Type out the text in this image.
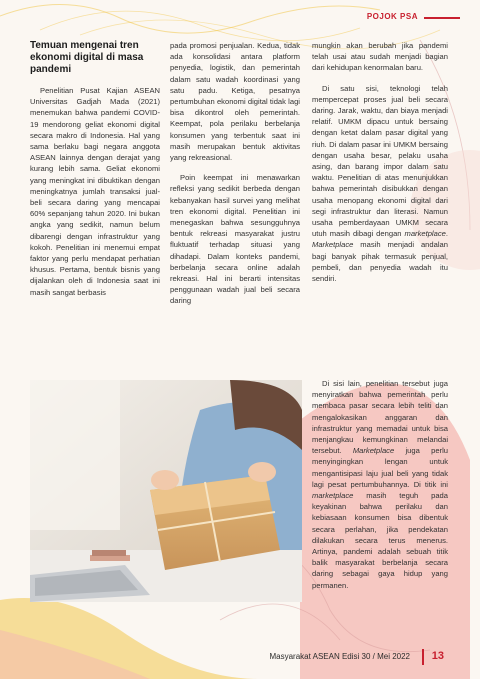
POJOK PSA

Temuan mengenai tren ekonomi digital di masa pandemi

Penelitian Pusat Kajian ASEAN Universitas Gadjah Mada (2021) menemukan bahwa pandemi COVID-19 mendorong geliat ekonomi digital secara makro di Indonesia. Hal yang sama berlaku bagi negara anggota ASEAN lainnya dengan derajat yang kurang lebih sama. Geliat ekonomi yang meningkat ini dibuktikan dengan meningkatnya jumlah transaksi jual-beli secara daring yang mencapai 60% sepanjang tahun 2020. Ini bukan angka yang sedikit, namun belum dibarengi dengan infrastruktur yang kokoh. Penelitian ini menemui empat faktor yang perlu mendapat perhatian khusus. Pertama, bentuk bisnis yang dijalankan oleh di Indonesia saat ini masih sangat berbasis

pada promosi penjualan. Kedua, tidak ada konsolidasi antara platform penyedia, logistik, dan pemerintah dalam satu wadah koordinasi yang satu padu. Ketiga, pesatnya pertumbuhan ekonomi digital tidak lagi bisa dikontrol oleh pemerintah. Keempat, pola perilaku berbelanja konsumen yang terbentuk saat ini masih merupakan bentuk aktivitas yang rekreasional.

Poin keempat ini menawarkan refleksi yang sedikit berbeda dengan kebanyakan hasil survei yang melihat tren ekonomi digital. Penelitian ini menegaskan bahwa sesungguhnya bentuk rekreasi masyarakat justru fluktuatif terhadap situasi yang dihadapi. Dalam konteks pandemi, berbelanja secara online adalah rekreasi. Hal ini berarti intensitas penggunaan wadah jual beli secara daring

mungkin akan berubah jika pandemi telah usai atau sudah menjadi bagian dari kehidupan kenormalan baru.

Di satu sisi, teknologi telah mempercepat proses jual beli secara daring. Jarak, waktu, dan biaya menjadi relatif. UMKM dipacu untuk bersaing dengan ketat dalam pasar digital yang riuh. Di dalam pasar ini UMKM bersaing dengan usaha besar, pelaku usaha asing, dan barang impor dalam satu waktu. Penelitian di atas menunjukkan bahwa pemerintah disibukkan dengan usaha menopang ekonomi digital dari segi infrastruktur dan literasi. Namun usaha pemberdayaan UMKM secara utuh masih dibagi dengan marketplace. Marketplace masih menjadi andalan bagi banyak pihak termasuk penjual, pembeli, dan penyedia wadah itu sendiri.

Di sisi lain, penelitian tersebut juga menyiratkan bahwa pemerintah perlu membaca pasar secara lebih teliti dan mengalokasikan anggaran dan infrastruktur yang memadai untuk bisa menjangkau kemungkinan melandai tersebut. Marketplace juga perlu menyingingkan lengan untuk mengantisipasi laju jual beli yang tidak lagi pesat pertumbuhannya. Di titik ini marketplace masih teguh pada keyakinan bahwa perilaku dan kebiasaan konsumen bisa dibentuk secara perlahan, jika pendekatan dilakukan secara terus menerus. Artinya, pandemi adalah sebuah titik balik masyarakat berbelanja secara daring sebagai gaya hidup yang permanen.

Masyarakat ASEAN Edisi 30 / Mei 2022 13
